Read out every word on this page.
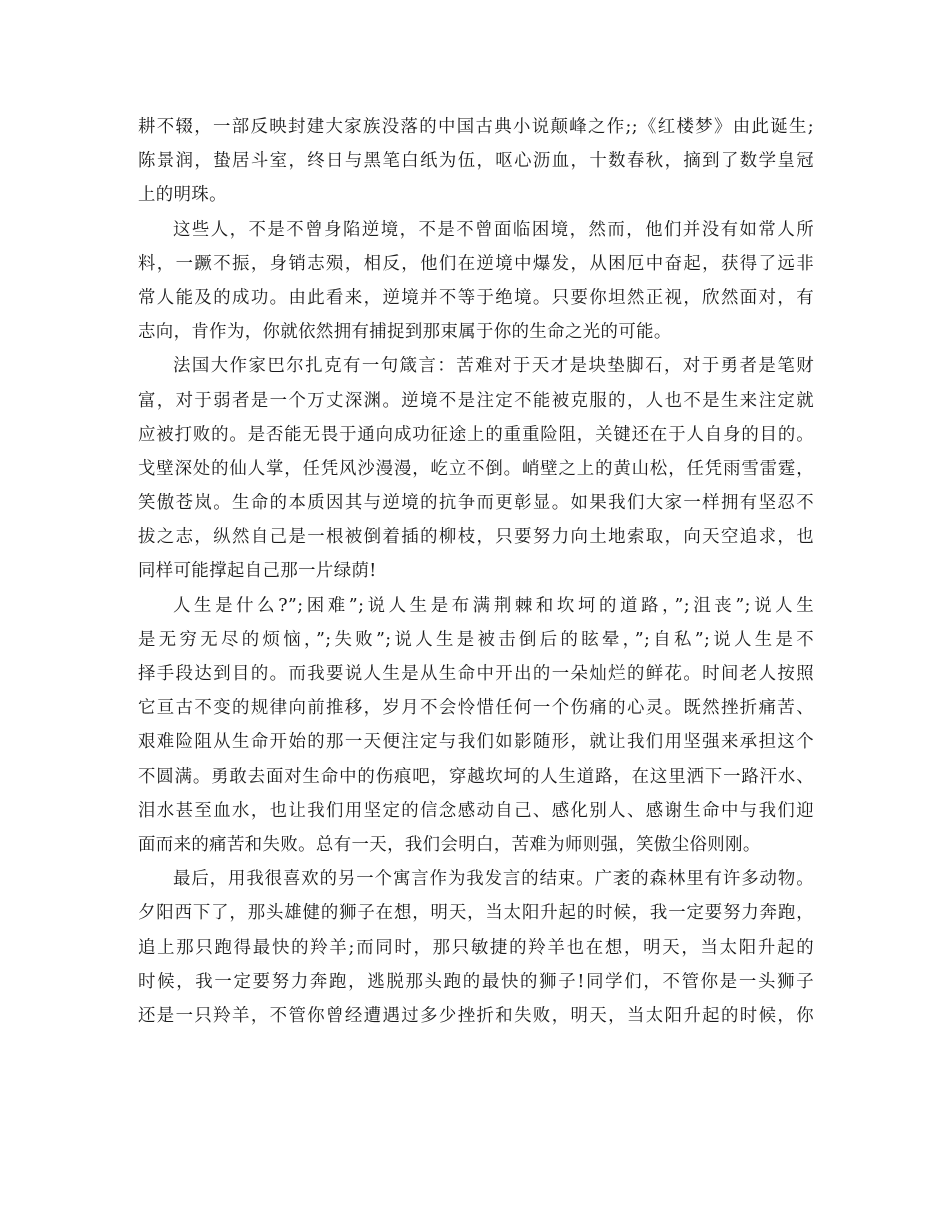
耕不辍，一部反映封建大家族没落的中国古典小说颠峰之作;;《红楼梦》由此诞生;
陈景润，蛰居斗室，终日与黑笔白纸为伍，呕心沥血，十数春秋，摘到了数学皇冠
上的明珠。
这些人，不是不曾身陷逆境，不是不曾面临困境，然而，他们并没有如常人所
料，一蹶不振，身销志殒，相反，他们在逆境中爆发，从困厄中奋起，获得了远非
常人能及的成功。由此看来，逆境并不等于绝境。只要你坦然正视，欣然面对，有
志向，肯作为，你就依然拥有捕捉到那束属于你的生命之光的可能。
法国大作家巴尔扎克有一句箴言：苦难对于天才是块垫脚石，对于勇者是笔财
富，对于弱者是一个万丈深渊。逆境不是注定不能被克服的，人也不是生来注定就
应被打败的。是否能无畏于通向成功征途上的重重险阻，关键还在于人自身的目的。
戈壁深处的仙人掌，任凭风沙漫漫，屹立不倒。峭壁之上的黄山松，任凭雨雪雷霆，
笑傲苍岚。生命的本质因其与逆境的抗争而更彰显。如果我们大家一样拥有坚忍不
拔之志，纵然自己是一根被倒着插的柳枝，只要努力向土地索取，向天空追求，也
同样可能撑起自己那一片绿荫!
人生是什么?”;困难”;说人生是布满荆棘和坎坷的道路，”;沮丧”;说人生
是无穷无尽的烦恼，”;失败”;说人生是被击倒后的眩晕，”;自私”;说人生是不
择手段达到目的。而我要说人生是从生命中开出的一朵灿烂的鲜花。时间老人按照
它亘古不变的规律向前推移，岁月不会怜惜任何一个伤痛的心灵。既然挫折痛苦、
艰难险阻从生命开始的那一天便注定与我们如影随形，就让我们用坚强来承担这个
不圆满。勇敢去面对生命中的伤痕吧，穿越坎坷的人生道路，在这里洒下一路汗水、
泪水甚至血水，也让我们用坚定的信念感动自己、感化别人、感谢生命中与我们迎
面而来的痛苦和失败。总有一天，我们会明白，苦难为师则强，笑傲尘俗则刚。
最后，用我很喜欢的另一个寓言作为我发言的结束。广袤的森林里有许多动物。
夕阳西下了，那头雄健的狮子在想，明天，当太阳升起的时候，我一定要努力奔跑，
追上那只跑得最快的羚羊;而同时，那只敏捷的羚羊也在想，明天，当太阳升起的
时候，我一定要努力奔跑，逃脱那头跑的最快的狮子!同学们，不管你是一头狮子
还是一只羚羊，不管你曾经遭遇过多少挫折和失败，明天，当太阳升起的时候，你
